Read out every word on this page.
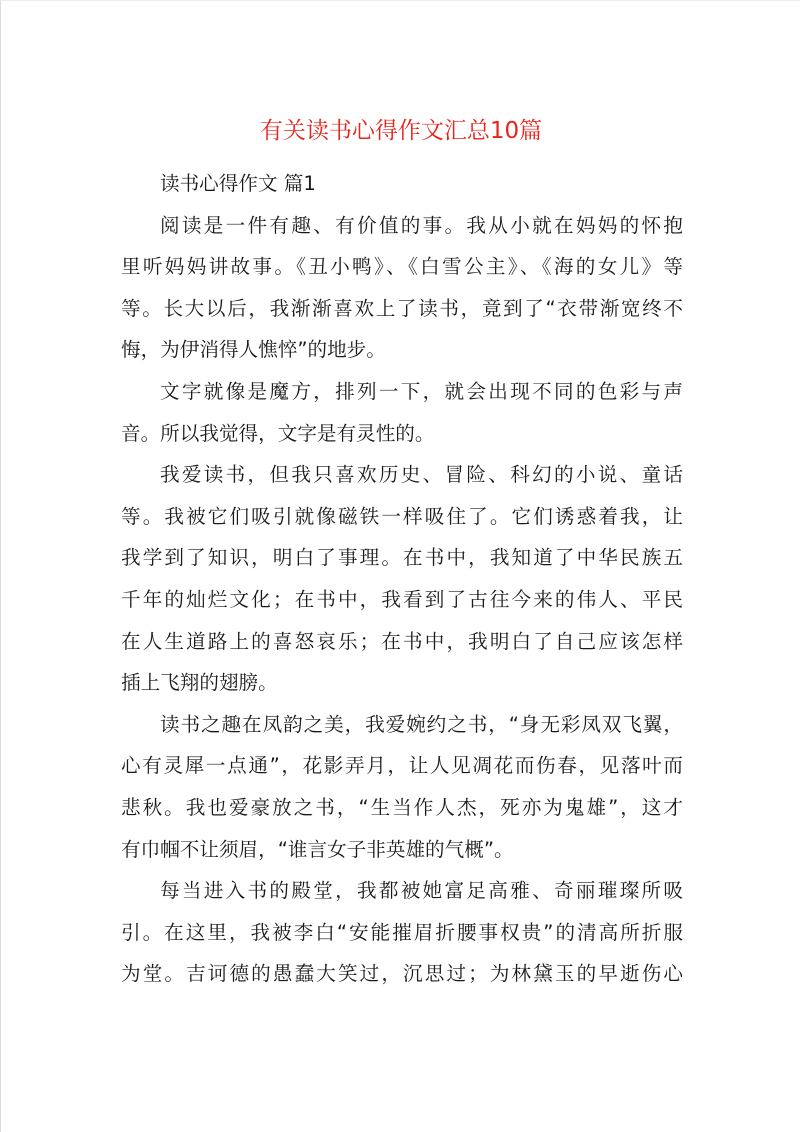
有关读书心得作文汇总10篇
读书心得作文 篇1
阅读是一件有趣、有价值的事。我从小就在妈妈的怀抱
里听妈妈讲故事。《丑小鸭》、《白雪公主》、《海的女儿》等
等。长大以后，我渐渐喜欢上了读书，竟到了“衣带渐宽终不
悔，为伊消得人憔悴”的地步。
文字就像是魔方，排列一下，就会出现不同的色彩与声
音。所以我觉得，文字是有灵性的。
我爱读书，但我只喜欢历史、冒险、科幻的小说、童话
等。我被它们吸引就像磁铁一样吸住了。它们诱惑着我，让
我学到了知识，明白了事理。在书中，我知道了中华民族五
千年的灿烂文化；在书中，我看到了古往今来的伟人、平民
在人生道路上的喜怒哀乐；在书中，我明白了自己应该怎样
插上飞翔的翅膀。
读书之趣在凤韵之美，我爱婉约之书，“身无彩凤双飞翼，
心有灵犀一点通”，花影弄月，让人见凋花而伤春，见落叶而
悲秋。我也爱豪放之书，“生当作人杰，死亦为鬼雄”，这才
有巾帼不让须眉，“谁言女子非英雄的气概”。
每当进入书的殿堂，我都被她富足高雅、奇丽璀璨所吸
引。在这里，我被李白“安能摧眉折腰事权贵”的清高所折服
为堂。吉诃德的愚蠢大笑过，沉思过；为林黛玉的早逝伤心
